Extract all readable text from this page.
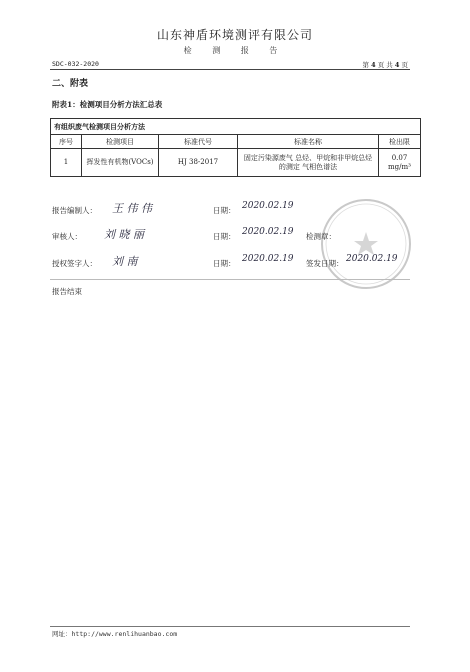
山东神盾环境测评有限公司
检 测 报 告
SDC-032-2020	第 4 页 共 4 页
二、附表
附表1：检测项目分析方法汇总表
有组织废气检测项目分析方法				
序号	检测项目	标准代号	标准名称	检出限
1	挥发性有机物(VOCs)	HJ 38-2017	固定污染源废气 总烃、甲烷和非甲烷总烃的测定 气相色谱法	0.07 mg/m³
报告编制人： 王 伟 伟	日期： 2020.02.19
审核人： 刘 晓 丽	日期： 2020.02.19 检测章：
授权签字人： 刘 南	日期： 2020.02.19 签发日期： 2020.02.19
报告结束
网址：http://www.renlihuanbao.com
